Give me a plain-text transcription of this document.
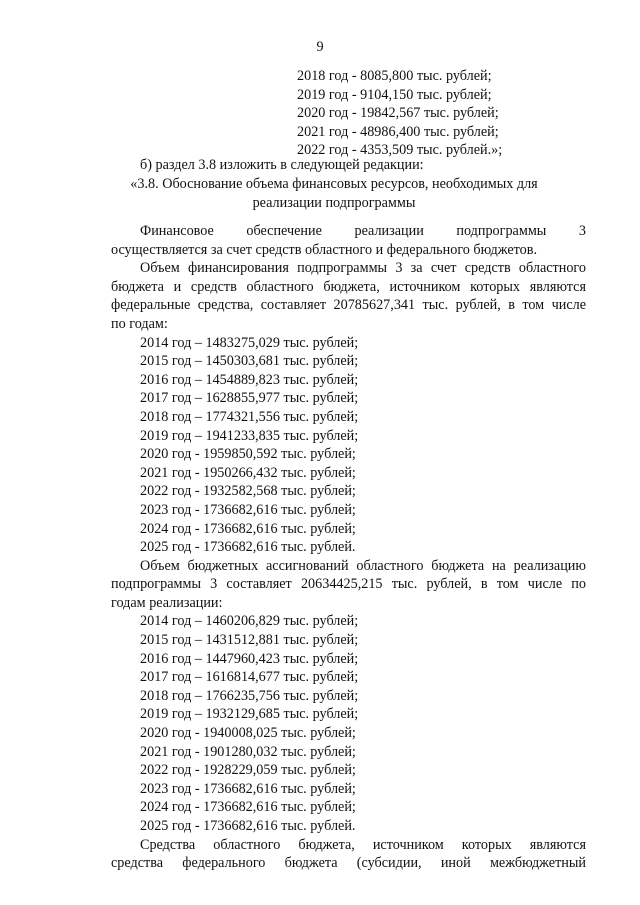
9
2018 год - 8085,800 тыс. рублей;
2019 год - 9104,150 тыс. рублей;
2020 год - 19842,567 тыс. рублей;
2021 год - 48986,400 тыс. рублей;
2022 год - 4353,509 тыс. рублей.»;
б) раздел 3.8 изложить в следующей редакции:
«3.8. Обоснование объема финансовых ресурсов, необходимых для
реализации подпрограммы
Финансовое обеспечение реализации подпрограммы 3
осуществляется за счет средств областного и федерального бюджетов.
Объем финансирования подпрограммы 3 за счет средств областного
бюджета и средств областного бюджета, источником которых являются
федеральные средства, составляет 20785627,341 тыс. рублей, в том числе
по годам:
2014 год – 1483275,029 тыс. рублей;
2015 год – 1450303,681 тыс. рублей;
2016 год – 1454889,823 тыс. рублей;
2017 год – 1628855,977 тыс. рублей;
2018 год – 1774321,556 тыс. рублей;
2019 год – 1941233,835 тыс. рублей;
2020 год - 1959850,592 тыс. рублей;
2021 год - 1950266,432 тыс. рублей;
2022 год - 1932582,568 тыс. рублей;
2023 год - 1736682,616 тыс. рублей;
2024 год - 1736682,616 тыс. рублей;
2025 год - 1736682,616 тыс. рублей.
Объем бюджетных ассигнований областного бюджета на реализацию
подпрограммы 3 составляет 20634425,215 тыс. рублей, в том числе по
годам реализации:
2014 год – 1460206,829 тыс. рублей;
2015 год – 1431512,881 тыс. рублей;
2016 год – 1447960,423 тыс. рублей;
2017 год – 1616814,677 тыс. рублей;
2018 год – 1766235,756 тыс. рублей;
2019 год – 1932129,685 тыс. рублей;
2020 год - 1940008,025 тыс. рублей;
2021 год - 1901280,032 тыс. рублей;
2022 год - 1928229,059 тыс. рублей;
2023 год - 1736682,616 тыс. рублей;
2024 год - 1736682,616 тыс. рублей;
2025 год - 1736682,616 тыс. рублей.
Средства областного бюджета, источником которых являются
средства федерального бюджета (субсидии, иной межбюджетный
